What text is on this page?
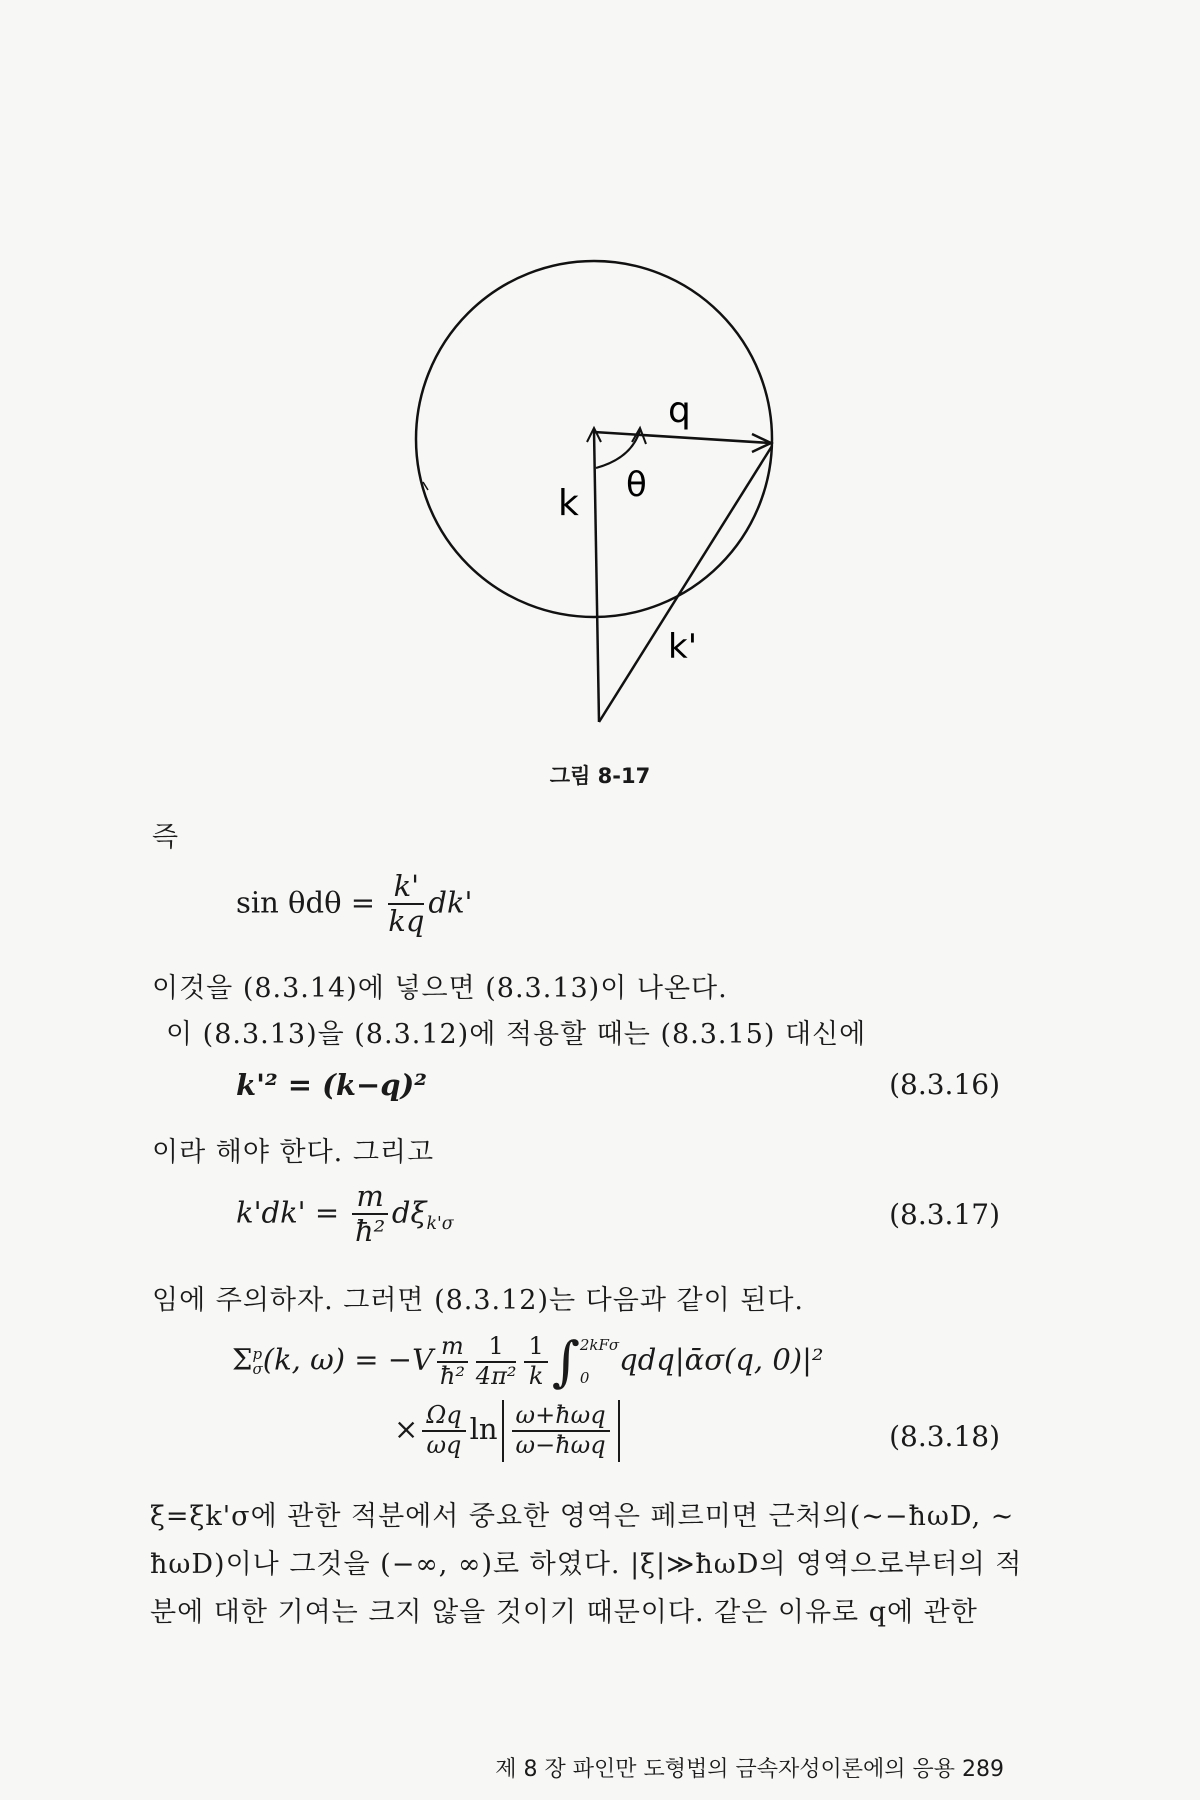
q
θ
k
k'
그림 8-17
즉
$\sin \theta d\theta = \frac{k'}{kq} dk'$
이것을 (8.3.14)에 넣으면 (8.3.13)이 나온다.
이 (8.3.13)을 (8.3.12)에 적용할 때는 (8.3.15) 대신에
k'² = (k−q)²	(8.3.16)
이라 해야 한다. 그리고
$k'dk' = \frac{m}{\text{ħ²}} d\xi_{k'\sigma}$	(8.3.17)
임에 주의하자. 그러면 (8.3.12)는 다음과 같이 된다.
Σ p
σ (k, $\omega) = -V \frac{m}{\text{ħ²}} \frac{1}{\text{4π²}} \frac{1}{k}$ ∫ 2kFσ
0
qdq|ᾱσ(q, 0)|²
× $\frac{\Omega q}{\omega q}$ $\ln \frac{\text{ω+ħωq}}{\text{ω−ħωq}}$	(8.3.18)
ξ=ξk'σ에 관한 적분에서 중요한 영역은 페르미면 근처의(∼−ħωD, ∼
ħωD)이나 그것을 (−∞, ∞)로 하였다. |ξ|≫ħωD의 영역으로부터의 적
분에 대한 기여는 크지 않을 것이기 때문이다. 같은 이유로 q에 관한
제 8 장 파인만 도형법의 금속자성이론에의 응용 289
